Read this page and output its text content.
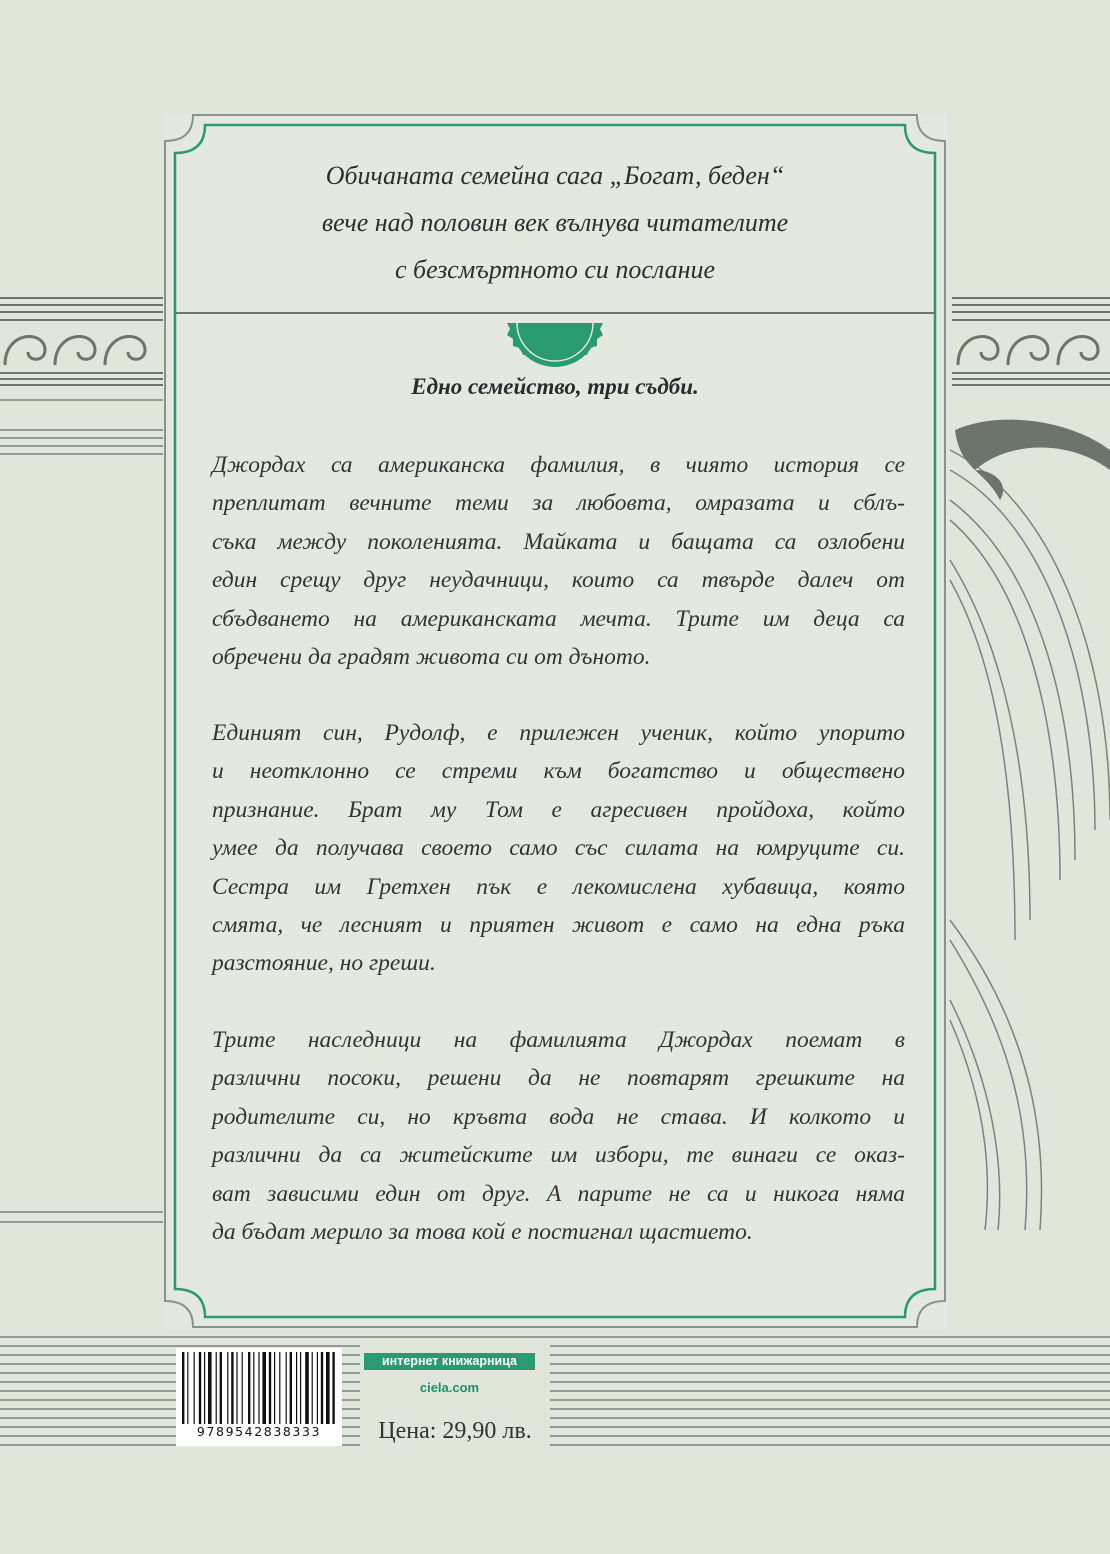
Обичаната семейна сага „Богат, беден“
вече над половин век вълнува читателите
с безсмъртното си послание
Едно семейство, три съдби.
Джордах са американска фамилия, в чиято история се
преплитат вечните теми за любовта, омразата и сблъ-
съка между поколенията. Майката и бащата са озлобени
един срещу друг неудачници, които са твърде далеч от
сбъдването на американската мечта. Трите им деца са
обречени да градят живота си от дъното.
Единият син, Рудолф, е прилежен ученик, който упорито
и неотклонно се стреми към богатство и обществено
признание. Брат му Том е агресивен пройдоха, който
умее да получава своето само със силата на юмруците си.
Сестра им Гретхен пък е лекомислена хубавица, която
смята, че лесният и приятен живот е само на една ръка
разстояние, но греши.
Трите наследници на фамилията Джордах поемат в
различни посоки, решени да не повтарят грешките на
родителите си, но кръвта вода не става. И колкото и
различни да са житейските им избори, те винаги се оказ-
ват зависими един от друг. А парите не са и никога няма
да бъдат мерило за това кой е постигнал щастието.
9789542838333
интернет книжарница
ciela.com
Цена: 29,90 лв.
